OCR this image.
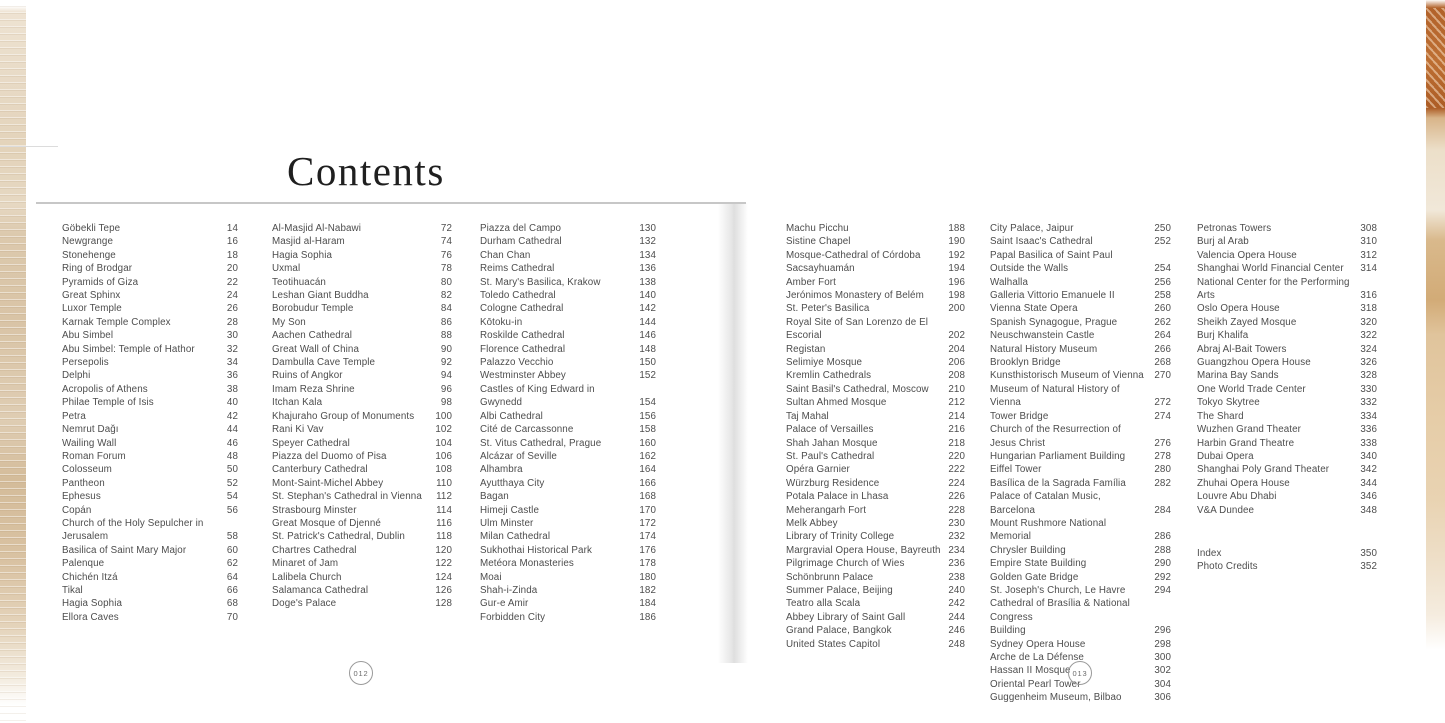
Contents
Göbekli Tepe	14
Newgrange	16
Stonehenge	18
Ring of Brodgar	20
Pyramids of Giza	22
Great Sphinx	24
Luxor Temple	26
Karnak Temple Complex	28
Abu Simbel	30
Abu Simbel: Temple of Hathor	32
Persepolis	34
Delphi	36
Acropolis of Athens	38
Philae Temple of Isis	40
Petra	42
Nemrut Dağı	44
Wailing Wall	46
Roman Forum	48
Colosseum	50
Pantheon	52
Ephesus	54
Copán	56
Church of the Holy Sepulcher in Jerusalem	58
Basilica of Saint Mary Major	60
Palenque	62
Chichén Itzá	64
Tikal	66
Hagia Sophia	68
Ellora Caves	70
Al-Masjid Al-Nabawi	72
Masjid al-Haram	74
Hagia Sophia	76
Uxmal	78
Teotihuacán	80
Leshan Giant Buddha	82
Borobudur Temple	84
My Son	86
Aachen Cathedral	88
Great Wall of China	90
Dambulla Cave Temple	92
Ruins of Angkor	94
Imam Reza Shrine	96
Itchan Kala	98
Khajuraho Group of Monuments	100
Rani Ki Vav	102
Speyer Cathedral	104
Piazza del Duomo of Pisa	106
Canterbury Cathedral	108
Mont-Saint-Michel Abbey	110
St. Stephan's Cathedral in Vienna	112
Strasbourg Minster	114
Great Mosque of Djenné	116
St. Patrick's Cathedral, Dublin	118
Chartres Cathedral	120
Minaret of Jam	122
Lalibela Church	124
Salamanca Cathedral	126
Doge's Palace	128
Piazza del Campo	130
Durham Cathedral	132
Chan Chan	134
Reims Cathedral	136
St. Mary's Basilica, Krakow	138
Toledo Cathedral	140
Cologne Cathedral	142
Kōtoku-in	144
Roskilde Cathedral	146
Florence Cathedral	148
Palazzo Vecchio	150
Westminster Abbey	152
Castles of King Edward in Gwynedd	154
Albi Cathedral	156
Cité de Carcassonne	158
St. Vitus Cathedral, Prague	160
Alcázar of Seville	162
Alhambra	164
Ayutthaya City	166
Bagan	168
Himeji Castle	170
Ulm Minster	172
Milan Cathedral	174
Sukhothai Historical Park	176
Metéora Monasteries	178
Moai	180
Shah-i-Zinda	182
Gur-e Amir	184
Forbidden City	186
012
Machu Picchu	188
Sistine Chapel	190
Mosque-Cathedral of Córdoba	192
Sacsayhuamán	194
Amber Fort	196
Jerónimos Monastery of Belém	198
St. Peter's Basilica	200
Royal Site of San Lorenzo de El Escorial	202
Registan	204
Selimiye Mosque	206
Kremlin Cathedrals	208
Saint Basil's Cathedral, Moscow	210
Sultan Ahmed Mosque	212
Taj Mahal	214
Palace of Versailles	216
Shah Jahan Mosque	218
St. Paul's Cathedral	220
Opéra Garnier	222
Würzburg Residence	224
Potala Palace in Lhasa	226
Meherangarh Fort	228
Melk Abbey	230
Library of Trinity College	232
Margravial Opera House, Bayreuth 234
Pilgrimage Church of Wies	236
Schönbrunn Palace	238
Summer Palace, Beijing	240
Teatro alla Scala	242
Abbey Library of Saint Gall	244
Grand Palace, Bangkok	246
United States Capitol	248
City Palace, Jaipur	250
Saint Isaac's Cathedral	252
Papal Basilica of Saint Paul
Outside the Walls	254
Walhalla	256
Galleria Vittorio Emanuele II	258
Vienna State Opera	260
Spanish Synagogue, Prague	262
Neuschwanstein Castle	264
Natural History Museum	266
Brooklyn Bridge	268
Kunsthistorisch Museum of Vienna	270
Museum of Natural History of Vienna	272
Tower Bridge	274
Church of the Resurrection of Jesus Christ	276
Hungarian Parliament Building	278
Eiffel Tower	280
Basílica de la Sagrada Família	282
Palace of Catalan Music, Barcelona	284
Mount Rushmore National Memorial	286
Chrysler Building	288
Empire State Building	290
Golden Gate Bridge	292
St. Joseph's Church, Le Havre	294
Cathedral of Brasília & National Congress
Building	296
Sydney Opera House	298
Arche de La Défense	300
Hassan II Mosque	302
Oriental Pearl Tower	304
Guggenheim Museum, Bilbao	306
Petronas Towers	308
Burj al Arab	310
Valencia Opera House	312
Shanghai World Financial Center	314
National Center for the Performing
Arts	316
Oslo Opera House	318
Sheikh Zayed Mosque	320
Burj Khalifa	322
Abraj Al-Bait Towers	324
Guangzhou Opera House	326
Marina Bay Sands	328
One World Trade Center	330
Tokyo Skytree	332
The Shard	334
Wuzhen Grand Theater	336
Harbin Grand Theatre	338
Dubai Opera	340
Shanghai Poly Grand Theater	342
Zhuhai Opera House	344
Louvre Abu Dhabi	346
V&A Dundee	348
Index	350
Photo Credits	352
013
